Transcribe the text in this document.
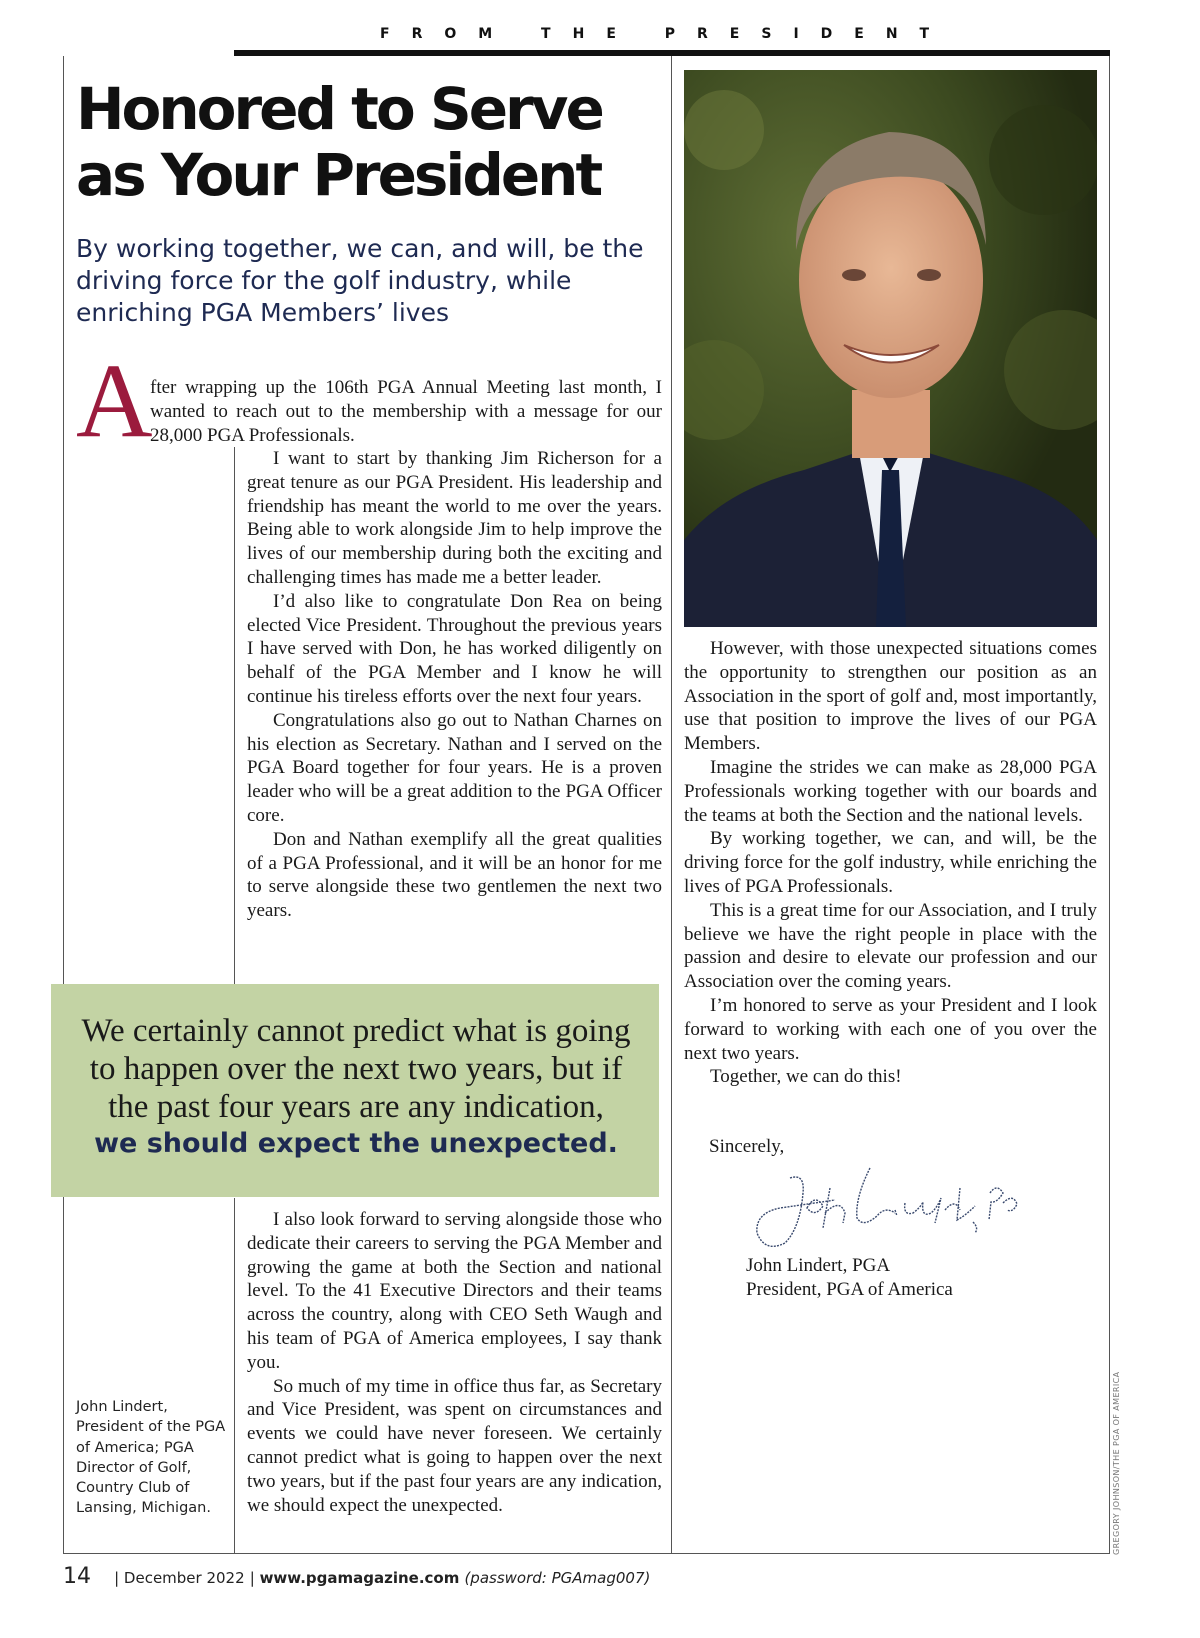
FROM THE PRESIDENT
Honored to Serve
as Your President
By working together, we can, and will, be the driving force for the golf industry, while enriching PGA Members’ lives
A

fter wrapping up the 106th PGA Annual Meeting last month, I wanted to reach out to the membership with a message for our 28,000 PGA Professionals.

I want to start by thanking Jim Richerson for a great tenure as our PGA President. His leadership and friendship has meant the world to me over the years. Being able to work alongside Jim to help improve the lives of our membership during both the exciting and challenging times has made me a better leader.

I’d also like to congratulate Don Rea on being elected Vice President. Throughout the previous years I have served with Don, he has worked diligently on behalf of the PGA Member and I know he will continue his tireless efforts over the next four years.

Congratulations also go out to Nathan Charnes on his election as Secretary. Nathan and I served on the PGA Board together for four years. He is a proven leader who will be a great addition to the PGA Officer core.

Don and Nathan exemplify all the great qualities of a PGA Professional, and it will be an honor for me to serve alongside these two gentlemen the next two years.

We certainly cannot predict what is going to happen over the next two years, but if the past four years are any indication,
we should expect the unexpected.

I also look forward to serving alongside those who dedicate their careers to serving the PGA Member and growing the game at both the Section and national level. To the 41 Executive Directors and their teams across the country, along with CEO Seth Waugh and his team of PGA of America employees, I say thank you.

So much of my time in office thus far, as Secretary and Vice President, was spent on circumstances and events we could have never foreseen. We certainly cannot predict what is going to happen over the next two years, but if the past four years are any indication, we should expect the unexpected.

However, with those unexpected situations comes the opportunity to strengthen our position as an Association in the sport of golf and, most importantly, use that position to improve the lives of our PGA Members.

Imagine the strides we can make as 28,000 PGA Professionals working together with our boards and the teams at both the Section and the national levels.

By working together, we can, and will, be the driving force for the golf industry, while enriching the lives of PGA Professionals.

This is a great time for our Association, and I truly believe we have the right people in place with the passion and desire to elevate our profession and our Association over the coming years.

I’m honored to serve as your President and I look forward to working with each one of you over the next two years.

Together, we can do this!

Sincerely,
John Lindert, PGA
President, PGA of America
John Lindert, President of the PGA of America; PGA Director of Golf, Country Club of Lansing, Michigan.	GREGORY JOHNSON/THE PGA OF AMERICA
14 | December 2022 | www.pgamagazine.com (password: PGAmag007)
